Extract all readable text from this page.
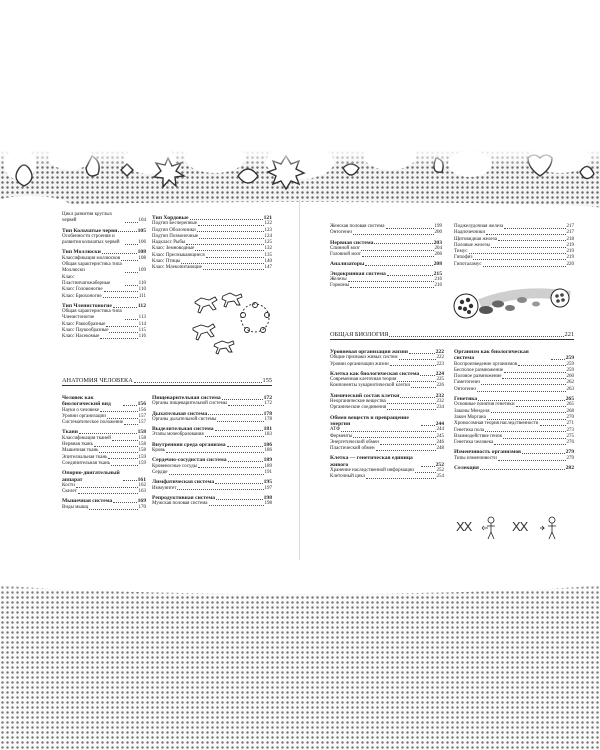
Цикл развития круглых червей	104
Тип Кольчатые черви	105
Особенности строения и развития кольчатых червей	106
Тип Моллюски	108
Классификация моллюсков	108
Общая характеристика типа Моллюски	109
Класс Пластинчатожаберные	110
Класс Головоногие	110
Класс Брюхоногие	111
Тип Членистоногие	112
Общая характеристика типа Членистоногие	113
Класс Ракообразные	114
Класс Паукообразные	115
Класс Насекомые	116
Тип Хордовые	121
Подтип Бесчерепные	122
Подтип Оболочники	123
Подтип Позвоночные	124
Надкласс Рыбы	125
Класс Земноводные	132
Класс Пресмыкающиеся	135
Класс Птицы	140
Класс Млекопитающие	147
АНАТОМИЯ ЧЕЛОВЕКА	155
Человек как биологический вид	156
Науки о человеке	156
Уровни организации	157
Систематическое положение	157
Ткани	158
Классификация тканей	158
Нервная ткань	158
Мышечная ткань	158
Эпителиальная ткань	159
Соединительная ткань	159
Опорно-двигательный аппарат	161
Кости	162
Скелет	163
Мышечная система	169
Виды мышц	170
Пищеварительная система	172
Органы пищеварительной системы	172
Дыхательная система	178
Органы дыхательной системы	178
Выделительная система	181
Этапы мочеобразования	183
Внутренняя среда организма	186
Кровь	186
Сердечно-сосудистая система	189
Кровеносные сосуды	189
Сердце	191
Лимфатическая система	195
Иммунитет	197
Репродуктивная система	198
Мужская половая система	198
Женская половая система	199
Онтогенез	200
Нервная система	203
Спинной мозг	204
Головной мозг	206
Анализаторы	208
Эндокринная система	215
Железы	216
Гормоны	216
Поджелудочная железа	217
Надпочечники	217
Щитовидная железа	218
Половые железы	219
Тимус	219
Гипофиз	219
Гипоталамус	220
ОБЩАЯ БИОЛОГИЯ	221
Уровневая организация жизни	222
Общие признаки живых систем	222
Уровни организации жизни	223
Клетка как биологическая система	224
Современная клеточная теория	225
Компоненты эукариотической клетки	226
Химический состав клетки	232
Неорганические вещества	232
Органические соединения	234
Обмен веществ и превращение энергии	244
АТФ	244
Ферменты	245
Энергетический обмен	246
Пластический обмен	248
Клетка — генетическая единица живого	252
Хранение наследственной информации	252
Клеточный цикл	254
Организм как биологическая система	259
Воспроизведение организмов	259
Бесполое размножение	259
Половое размножение	260
Гаметогенез	262
Онтогенез	263
Генетика	265
Основные понятия генетики	265
Законы Менделя	268
Закон Моргана	270
Хромосомная теория наследственности	271
Генетика пола	273
Взаимодействие генов	275
Генетика человека	276
Изменчивость организмов	279
Типы изменчивости	279
Селекция	282
XX	XX
